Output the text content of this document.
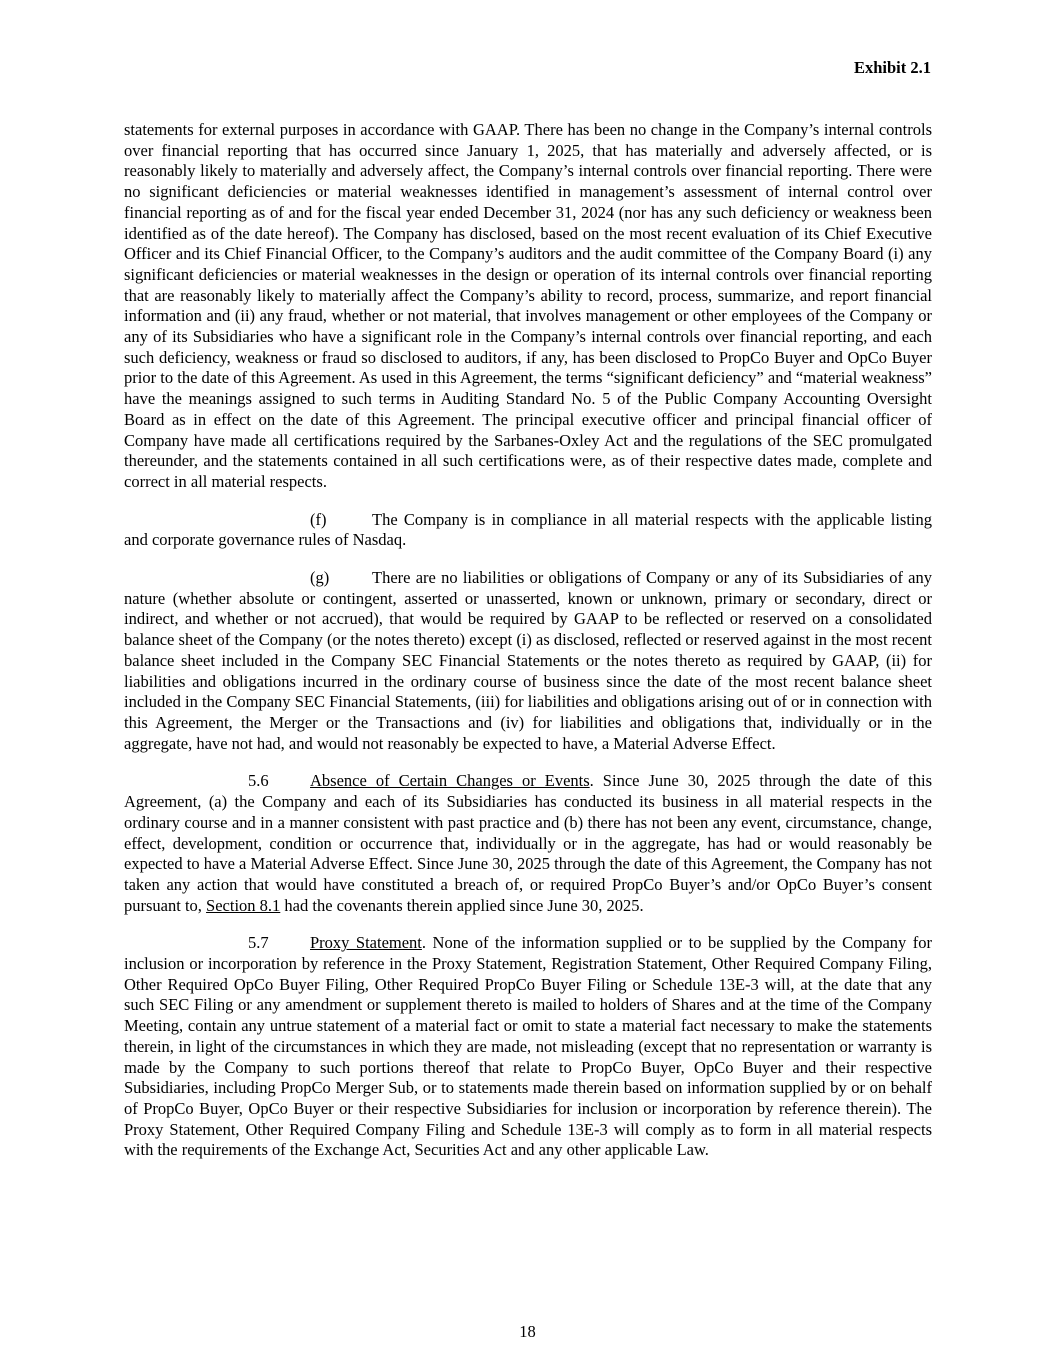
Exhibit 2.1

statements for external purposes in accordance with GAAP. There has been no change in the Company’s internal controls over financial reporting that has occurred since January 1, 2025, that has materially and adversely affected, or is reasonably likely to materially and adversely affect, the Company’s internal controls over financial reporting. There were no significant deficiencies or material weaknesses identified in management’s assessment of internal control over financial reporting as of and for the fiscal year ended December 31, 2024 (nor has any such deficiency or weakness been identified as of the date hereof). The Company has disclosed, based on the most recent evaluation of its Chief Executive Officer and its Chief Financial Officer, to the Company’s auditors and the audit committee of the Company Board (i) any significant deficiencies or material weaknesses in the design or operation of its internal controls over financial reporting that are reasonably likely to materially affect the Company’s ability to record, process, summarize, and report financial information and (ii) any fraud, whether or not material, that involves management or other employees of the Company or any of its Subsidiaries who have a significant role in the Company’s internal controls over financial reporting, and each such deficiency, weakness or fraud so disclosed to auditors, if any, has been disclosed to PropCo Buyer and OpCo Buyer prior to the date of this Agreement. As used in this Agreement, the terms “significant deficiency” and “material weakness” have the meanings assigned to such terms in Auditing Standard No. 5 of the Public Company Accounting Oversight Board as in effect on the date of this Agreement. The principal executive officer and principal financial officer of Company have made all certifications required by the Sarbanes-Oxley Act and the regulations of the SEC promulgated thereunder, and the statements contained in all such certifications were, as of their respective dates made, complete and correct in all material respects.

(f)	The Company is in compliance in all material respects with the applicable listing and corporate governance rules of Nasdaq.

(g)	There are no liabilities or obligations of Company or any of its Subsidiaries of any nature (whether absolute or contingent, asserted or unasserted, known or unknown, primary or secondary, direct or indirect, and whether or not accrued), that would be required by GAAP to be reflected or reserved on a consolidated balance sheet of the Company (or the notes thereto) except (i) as disclosed, reflected or reserved against in the most recent balance sheet included in the Company SEC Financial Statements or the notes thereto as required by GAAP, (ii) for liabilities and obligations incurred in the ordinary course of business since the date of the most recent balance sheet included in the Company SEC Financial Statements, (iii) for liabilities and obligations arising out of or in connection with this Agreement, the Merger or the Transactions and (iv) for liabilities and obligations that, individually or in the aggregate, have not had, and would not reasonably be expected to have, a Material Adverse Effect.

5.6	Absence of Certain Changes or Events. Since June 30, 2025 through the date of this Agreement, (a) the Company and each of its Subsidiaries has conducted its business in all material respects in the ordinary course and in a manner consistent with past practice and (b) there has not been any event, circumstance, change, effect, development, condition or occurrence that, individually or in the aggregate, has had or would reasonably be expected to have a Material Adverse Effect. Since June 30, 2025 through the date of this Agreement, the Company has not taken any action that would have constituted a breach of, or required PropCo Buyer’s and/or OpCo Buyer’s consent pursuant to, Section 8.1 had the covenants therein applied since June 30, 2025.

5.7	Proxy Statement. None of the information supplied or to be supplied by the Company for inclusion or incorporation by reference in the Proxy Statement, Registration Statement, Other Required Company Filing, Other Required OpCo Buyer Filing, Other Required PropCo Buyer Filing or Schedule 13E-3 will, at the date that any such SEC Filing or any amendment or supplement thereto is mailed to holders of Shares and at the time of the Company Meeting, contain any untrue statement of a material fact or omit to state a material fact necessary to make the statements therein, in light of the circumstances in which they are made, not misleading (except that no representation or warranty is made by the Company to such portions thereof that relate to PropCo Buyer, OpCo Buyer and their respective Subsidiaries, including PropCo Merger Sub, or to statements made therein based on information supplied by or on behalf of PropCo Buyer, OpCo Buyer or their respective Subsidiaries for inclusion or incorporation by reference therein). The Proxy Statement, Other Required Company Filing and Schedule 13E-3 will comply as to form in all material respects with the requirements of the Exchange Act, Securities Act and any other applicable Law.

18
